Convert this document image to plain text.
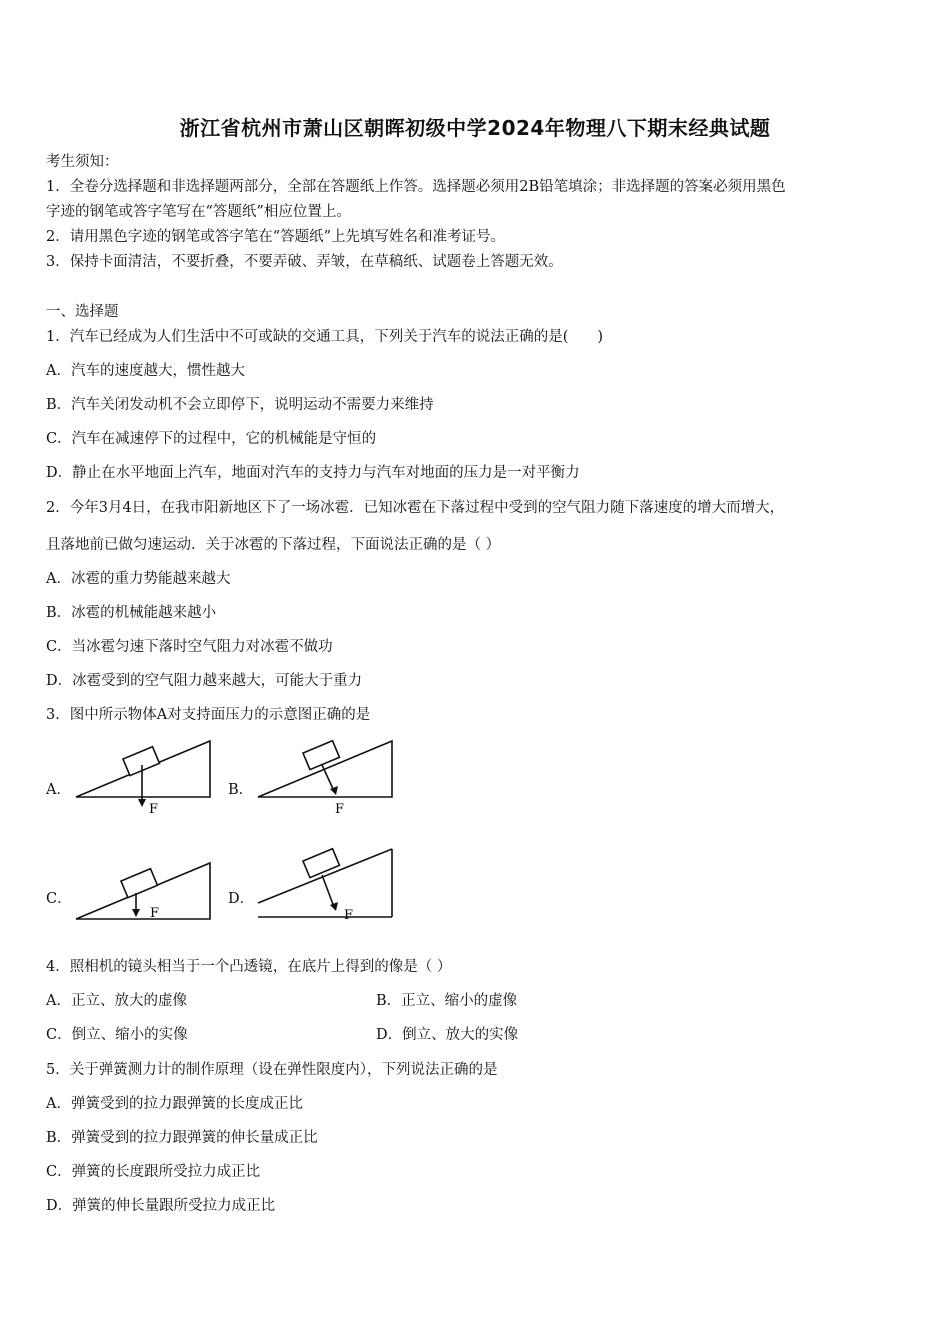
浙江省杭州市萧山区朝晖初级中学2024年物理八下期末经典试题
考生须知：
1．全卷分选择题和非选择题两部分，全部在答题纸上作答。选择题必须用2B铅笔填涂；非选择题的答案必须用黑色
字迹的钢笔或答字笔写在“答题纸”相应位置上。
2．请用黑色字迹的钢笔或答字笔在“答题纸”上先填写姓名和准考证号。
3．保持卡面清洁，不要折叠，不要弄破、弄皱，在草稿纸、试题卷上答题无效。
一、选择题
1．汽车已经成为人们生活中不可或缺的交通工具，下列关于汽车的说法正确的是(　　)
A．汽车的速度越大，惯性越大
B．汽车关闭发动机不会立即停下，说明运动不需要力来维持
C．汽车在减速停下的过程中，它的机械能是守恒的
D．静止在水平地面上汽车，地面对汽车的支持力与汽车对地面的压力是一对平衡力
2．今年3月4日，在我市阳新地区下了一场冰雹．已知冰雹在下落过程中受到的空气阻力随下落速度的增大而增大，
且落地前已做匀速运动．关于冰雹的下落过程，下面说法正确的是（ ）
A．冰雹的重力势能越来越大
B．冰雹的机械能越来越小
C．当冰雹匀速下落时空气阻力对冰雹不做功
D．冰雹受到的空气阻力越来越大，可能大于重力
3．图中所示物体A对支持面压力的示意图正确的是
A．
F
B．
F
C．
F
D．
F
4．照相机的镜头相当于一个凸透镜，在底片上得到的像是（ ）
A．正立、放大的虚像	B．正立、缩小的虚像
C．倒立、缩小的实像	D．倒立、放大的实像
5．关于弹簧测力计的制作原理（设在弹性限度内），下列说法正确的是
A．弹簧受到的拉力跟弹簧的长度成正比
B．弹簧受到的拉力跟弹簧的伸长量成正比
C．弹簧的长度跟所受拉力成正比
D．弹簧的伸长量跟所受拉力成正比
